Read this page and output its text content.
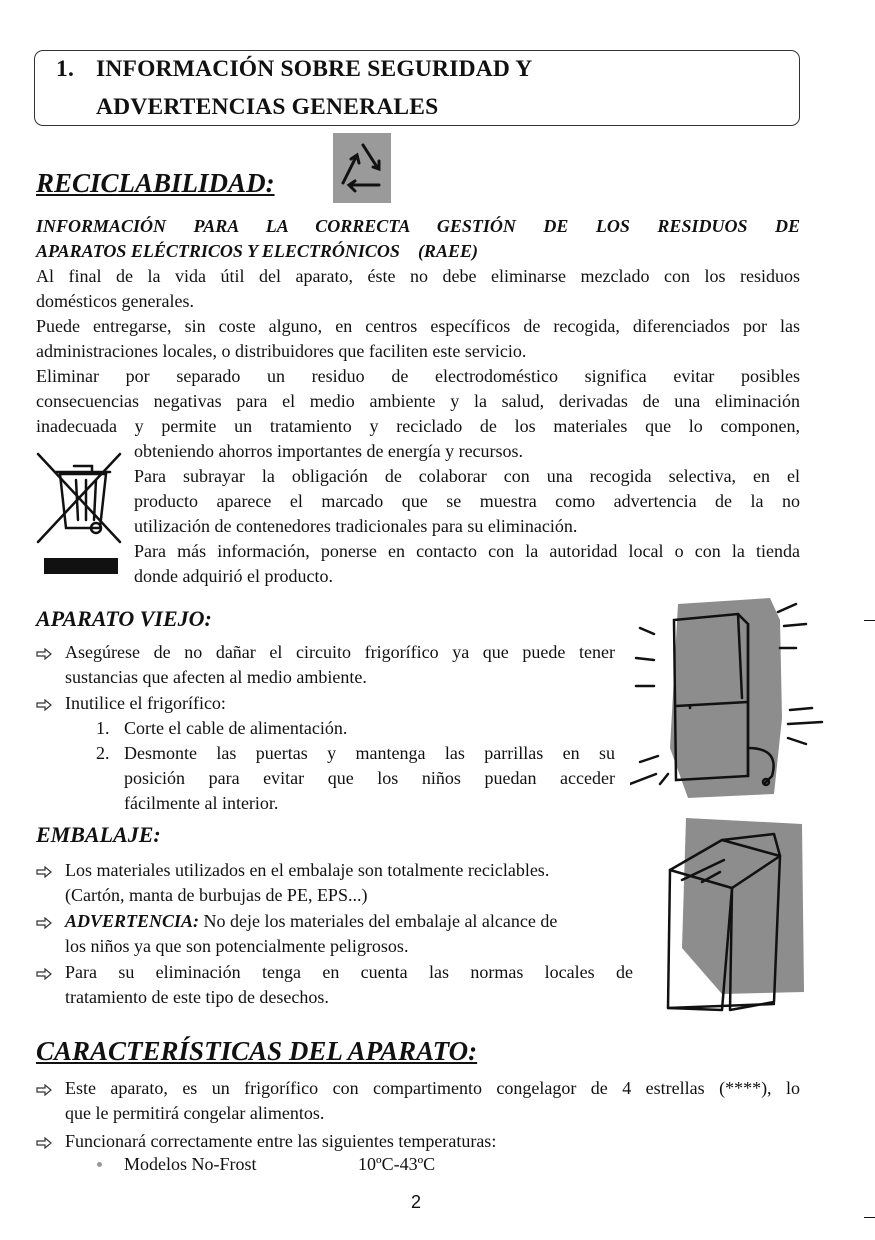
1. INFORMACIÓN SOBRE SEGURIDAD Y
ADVERTENCIAS GENERALES
RECICLABILIDAD:
INFORMACIÓN PARA LA CORRECTA GESTIÓN DE LOS RESIDUOS DE
APARATOS ELÉCTRICOS Y ELECTRÓNICOS    (RAEE)
Al final de la vida útil del aparato, éste no debe eliminarse mezclado con los residuos
domésticos generales.
Puede entregarse, sin coste alguno, en centros específicos de recogida, diferenciados por las
administraciones locales, o distribuidores que faciliten este servicio.
Eliminar por separado un residuo de electrodoméstico significa evitar posibles
consecuencias negativas para el medio ambiente y la salud, derivadas de una eliminación
inadecuada y permite un tratamiento y reciclado de los materiales que lo componen,
obteniendo ahorros importantes de energía y recursos.
Para subrayar la obligación de colaborar con una recogida selectiva, en el
producto aparece el marcado que se muestra como advertencia de la no
utilización de contenedores tradicionales para su eliminación.
Para más información, ponerse en contacto con la autoridad local o con la tienda
donde adquirió el producto.
APARATO VIEJO:
Asegúrese de no dañar el circuito frigorífico ya que puede tener
sustancias que afecten al medio ambiente.
Inutilice el frigorífico:
1. Corte el cable de alimentación.
2. Desmonte las puertas y mantenga las parrillas en su
posición para evitar que los niños puedan acceder
fácilmente al interior.
EMBALAJE:
Los materiales utilizados en el embalaje son totalmente reciclables.
(Cartón, manta de burbujas de PE, EPS...)
ADVERTENCIA: No deje los materiales del embalaje al alcance de
los niños ya que son potencialmente peligrosos.
Para su eliminación tenga en cuenta las normas locales de
tratamiento de este tipo de desechos.
CARACTERÍSTICAS DEL APARATO:
Este aparato, es un frigorífico con compartimento congelagor de 4 estrellas (****), lo
que le permitirá congelar alimentos.
Funcionará correctamente entre las siguientes temperaturas:
Modelos No-Frost	10ºC-43ºC
2
